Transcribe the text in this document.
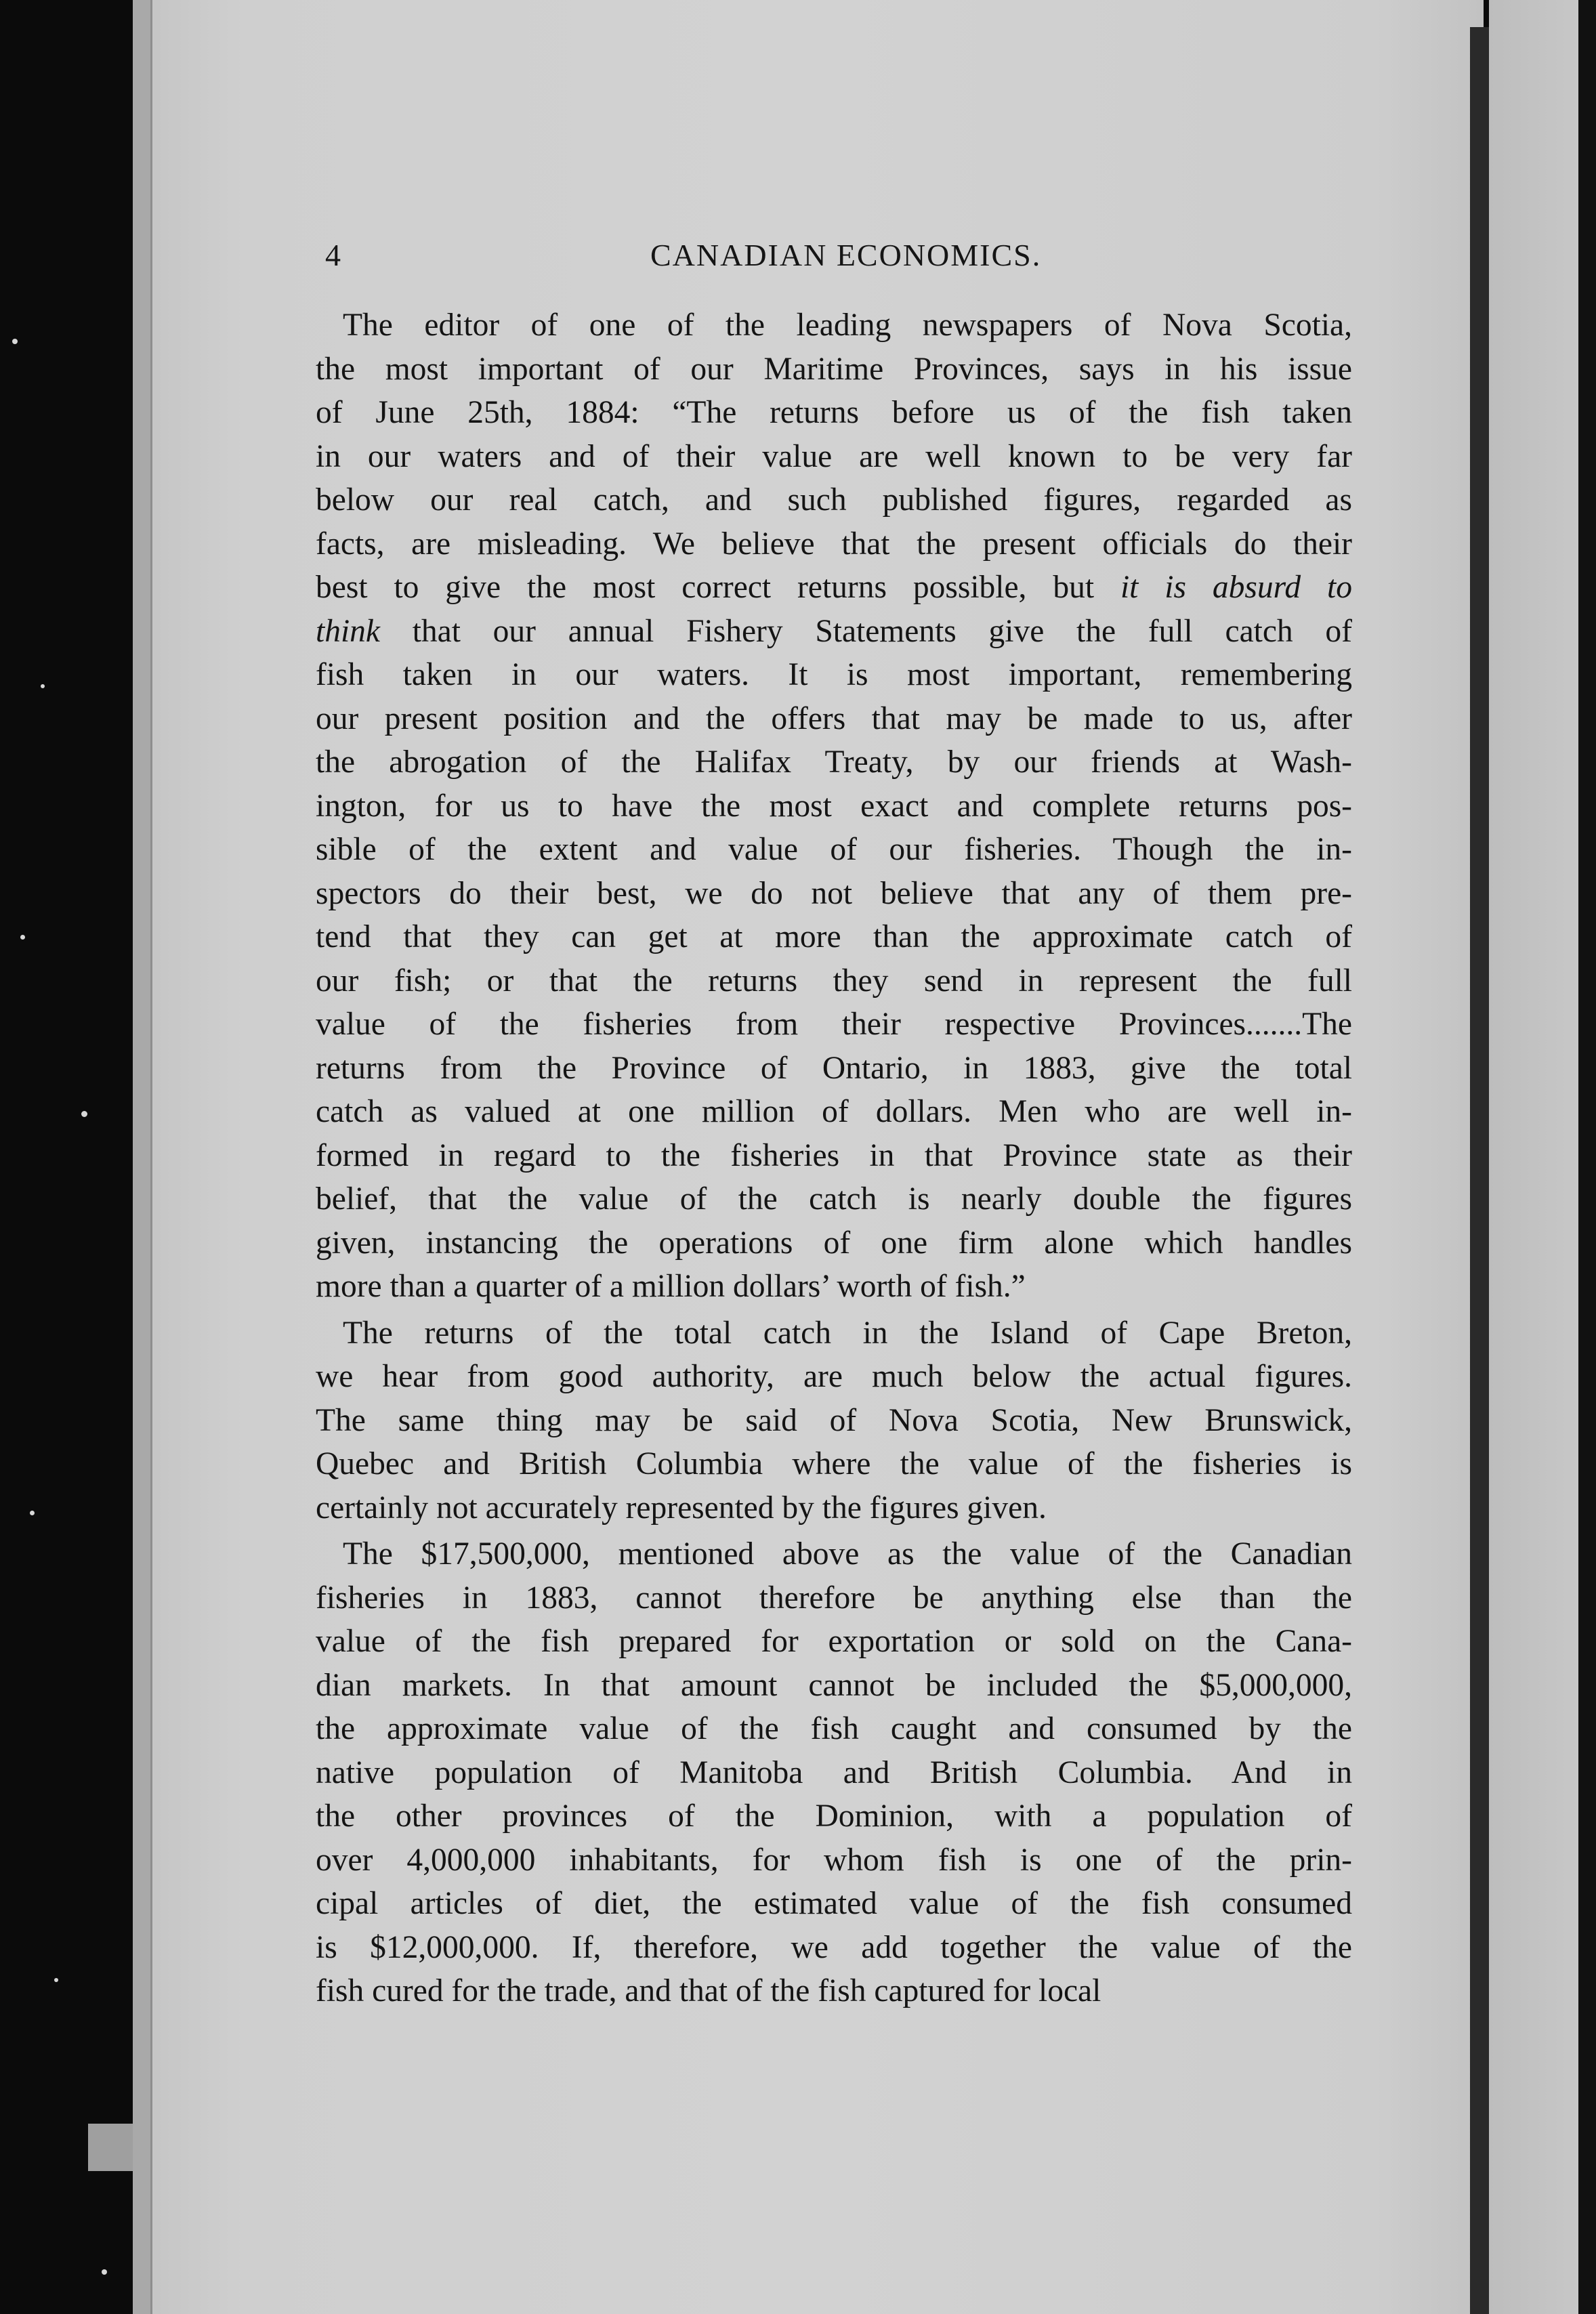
4	CANADIAN ECONOMICS.
The editor of one of the leading newspapers of Nova Scotia,
the most important of our Maritime Provinces, says in his issue
of June 25th, 1884: “The returns before us of the fish taken
in our waters and of their value are well known to be very far
below our real catch, and such published figures, regarded as
facts, are misleading. We believe that the present officials do their
best to give the most correct returns possible, but it is absurd to
think that our annual Fishery Statements give the full catch of
fish taken in our waters. It is most important, remembering
our present position and the offers that may be made to us, after
the abrogation of the Halifax Treaty, by our friends at Wash-
ington, for us to have the most exact and complete returns pos-
sible of the extent and value of our fisheries. Though the in-
spectors do their best, we do not believe that any of them pre-
tend that they can get at more than the approximate catch of
our fish; or that the returns they send in represent the full
value of the fisheries from their respective Provinces.......The
returns from the Province of Ontario, in 1883, give the total
catch as valued at one million of dollars. Men who are well in-
formed in regard to the fisheries in that Province state as their
belief, that the value of the catch is nearly double the figures
given, instancing the operations of one firm alone which handles
more than a quarter of a million dollars’ worth of fish.”
The returns of the total catch in the Island of Cape Breton,
we hear from good authority, are much below the actual figures.
The same thing may be said of Nova Scotia, New Brunswick,
Quebec and British Columbia where the value of the fisheries is
certainly not accurately represented by the figures given.
The $17,500,000, mentioned above as the value of the Canadian
fisheries in 1883, cannot therefore be anything else than the
value of the fish prepared for exportation or sold on the Cana-
dian markets. In that amount cannot be included the $5,000,000,
the approximate value of the fish caught and consumed by the
native population of Manitoba and British Columbia. And in
the other provinces of the Dominion, with a population of
over 4,000,000 inhabitants, for whom fish is one of the prin-
cipal articles of diet, the estimated value of the fish consumed
is $12,000,000. If, therefore, we add together the value of the
fish cured for the trade, and that of the fish captured for local
